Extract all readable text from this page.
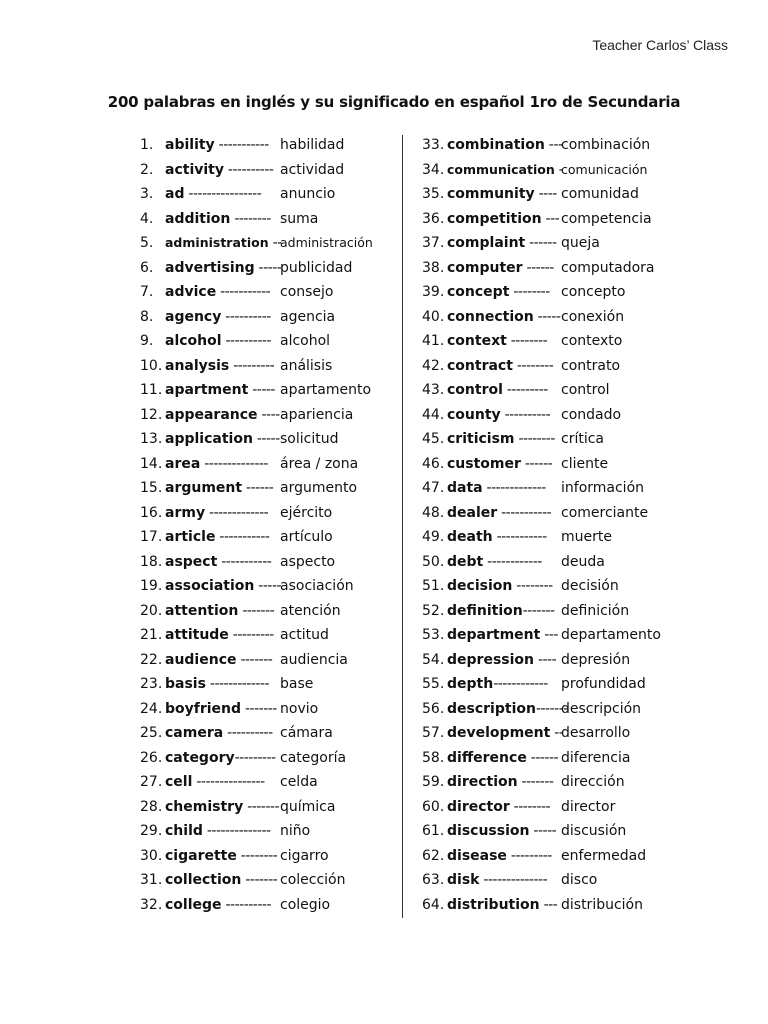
Teacher Carlos’ Class
200 palabras en inglés y su significado en español 1ro de Secundaria
1. ability ----------- habilidad
2. activity ---------- actividad
3. ad ---------------- anuncio
4. addition -------- suma
5. administration --
administración
6. advertising -----
publicidad
7. advice ----------- consejo
8. agency ---------- agencia
9. alcohol ---------- alcohol
10. analysis --------- análisis
11. apartment ----- apartamento
12. appearance ---- apariencia
13. application ----- solicitud
14. area -------------- área / zona
15. argument ------ argumento
16. army ------------- ejército
17. article ----------- artículo
18. aspect ----------- aspecto
19. association -----
asociación
20. attention ------- atención
21. attitude --------- actitud
22. audience ------- audiencia
23. basis ------------- base
24. boyfriend ------- novio
25. camera ---------- cámara
26. category--------- categoría
27. cell --------------- celda
28. chemistry ------- química
29. child -------------- niño
30. cigarette -------- cigarro
31. collection ------- colección
32. college ---------- colegio
33. combination ---
combinación
34. communication -
comunicación
35. community ---- comunidad
36. competition --- competencia
37. complaint ------ queja
38. computer ------ computadora
39. concept -------- concepto
40. connection ----- conexión
41. context -------- contexto
42. contract -------- contrato
43. control --------- control
44. county ---------- condado
45. criticism -------- crítica
46. customer ------ cliente
47. data ------------- información
48. dealer ----------- comerciante
49. death ----------- muerte
50. debt ------------ deuda
51. decision -------- decisión
52. definition------- definición
53. department --- departamento
54. depression ---- depresión
55. depth------------ profundidad
56. description-------
descripción
57. development --
desarrollo
58. difference ------ diferencia
59. direction ------- dirección
60. director -------- director
61. discussion ----- discusión
62. disease --------- enfermedad
63. disk -------------- disco
64. distribution --- distribución
